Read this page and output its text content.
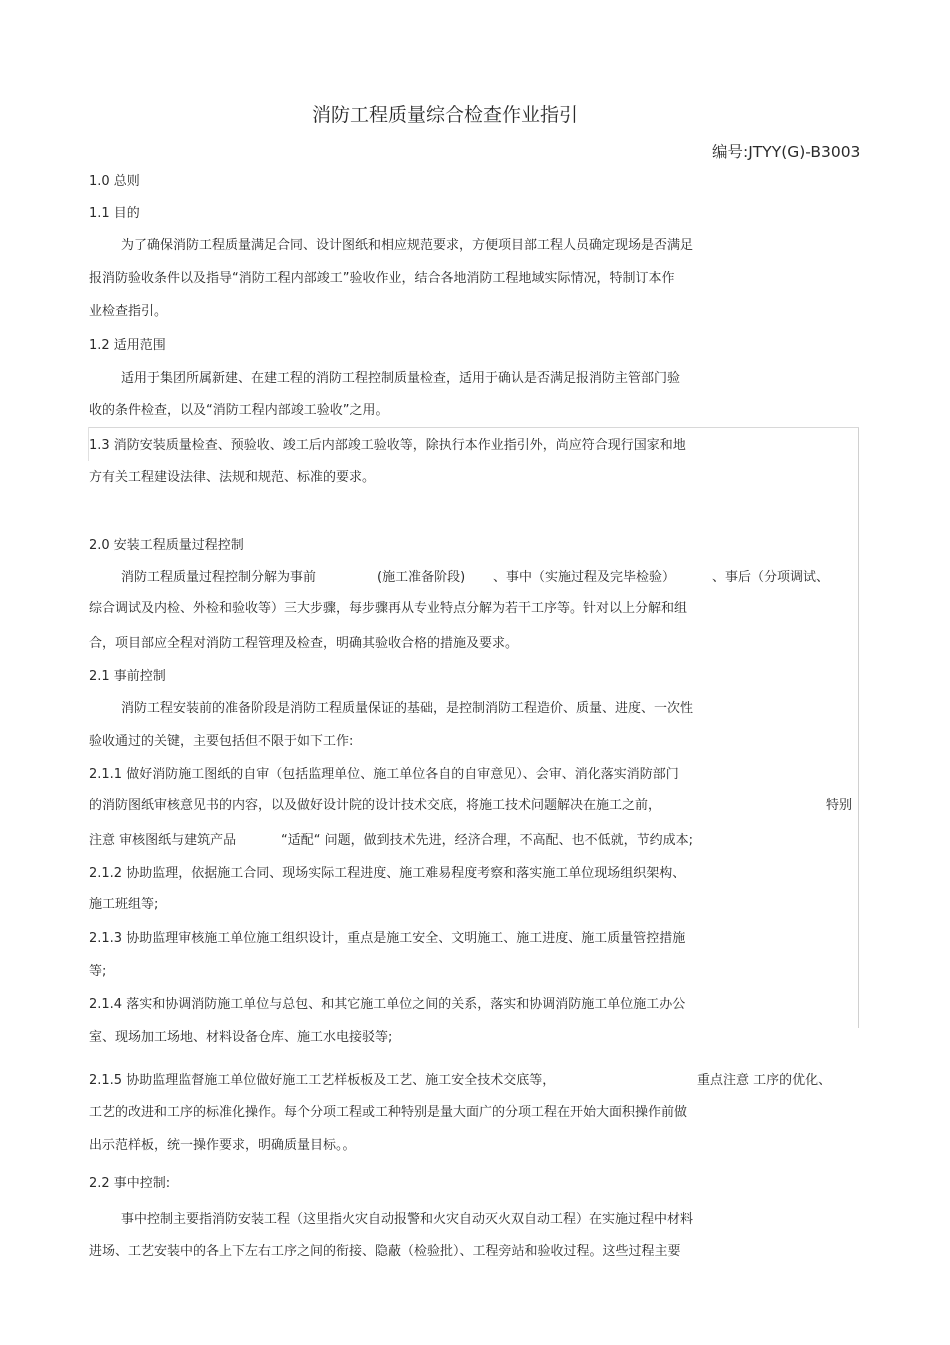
消防工程质量综合检查作业指引
编号:JTYY(G)-B3003
1.0 总则
1.1 目的
为了确保消防工程质量满足合同、设计图纸和相应规范要求，方便项目部工程人员确定现场是否满足
报消防验收条件以及指导“消防工程内部竣工”验收作业，结合各地消防工程地域实际情况，特制订本作
业检查指引。
1.2 适用范围
适用于集团所属新建、在建工程的消防工程控制质量检查，适用于确认是否满足报消防主管部门验
收的条件检查，以及“消防工程内部竣工验收”之用。
1.3 消防安装质量检查、预验收、竣工后内部竣工验收等，除执行本作业指引外，尚应符合现行国家和地
方有关工程建设法律、法规和规范、标准的要求。
2.0 安装工程质量过程控制
消防工程质量过程控制分解为事前	(施工准备阶段) 、事中（实施过程及完毕检验）	、事后（分项调试、
综合调试及内检、外检和验收等）三大步骤，每步骤再从专业特点分解为若干工序等。针对以上分解和组
合，项目部应全程对消防工程管理及检查，明确其验收合格的措施及要求。
2.1 事前控制
消防工程安装前的准备阶段是消防工程质量保证的基础，是控制消防工程造价、质量、进度、一次性
验收通过的关键，主要包括但不限于如下工作:
2.1.1 做好消防施工图纸的自审（包括监理单位、施工单位各自的自审意见）、会审、消化落实消防部门
的消防图纸审核意见书的内容，以及做好设计院的设计技术交底，将施工技术问题解决在施工之前，	特别
注意 审核图纸与建筑产品	“适配“ 问题，做到技术先进，经济合理，不高配、也不低就，节约成本;
2.1.2 协助监理，依据施工合同、现场实际工程进度、施工难易程度考察和落实施工单位现场组织架构、
施工班组等;
2.1.3 协助监理审核施工单位施工组织设计，重点是施工安全、文明施工、施工进度、施工质量管控措施
等;
2.1.4 落实和协调消防施工单位与总包、和其它施工单位之间的关系，落实和协调消防施工单位施工办公
室、现场加工场地、材料设备仓库、施工水电接驳等;
2.1.5 协助监理监督施工单位做好施工工艺样板板及工艺、施工安全技术交底等，	重点注意 工序的优化、
工艺的改进和工序的标准化操作。每个分项工程或工种特别是量大面广的分项工程在开始大面积操作前做
出示范样板，统一操作要求，明确质量目标。。
2.2 事中控制:
事中控制主要指消防安装工程（这里指火灾自动报警和火灾自动灭火双自动工程）在实施过程中材料
进场、工艺安装中的各上下左右工序之间的衔接、隐蔽（检验批）、工程旁站和验收过程。这些过程主要
